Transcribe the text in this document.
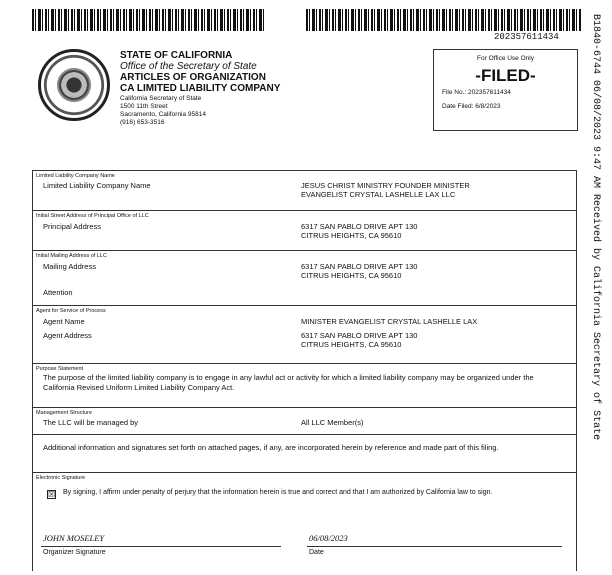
202357611434
STATE OF CALIFORNIA
Office of the Secretary of State
ARTICLES OF ORGANIZATION
CA LIMITED LIABILITY COMPANY
California Secretary of State
1500 11th Street
Sacramento, California 95814
(916) 653-3516
For Office Use Only
-FILED-
File No.: 202357611434
Date Filed: 6/8/2023	B1840-6744 06/08/2023 9:47 AM Received by California Secretary of State
Limited Liability Company Name
Limited Liability Company Name	JESUS CHRIST MINISTRY FOUNDER MINISTER
EVANGELIST CRYSTAL LASHELLE LAX LLC
Initial Street Address of Principal Office of LLC
Principal Address	6317 SAN PABLO DRIVE APT 130
CITRUS HEIGHTS, CA 95610
Initial Mailing Address of LLC
Mailing Address	6317 SAN PABLO DRIVE APT 130
CITRUS HEIGHTS, CA 95610
Attention
Agent for Service of Process
Agent Name	MINISTER EVANGELIST CRYSTAL LASHELLE LAX
Agent Address	6317 SAN PABLO DRIVE APT 130
CITRUS HEIGHTS, CA 95610
Purpose Statement
The purpose of the limited liability company is to engage in any lawful act or activity for which a limited liability company may be organized under the California Revised Uniform Limited Liability Company Act.
Management Structure
The LLC will be managed by	All LLC Member(s)
Additional information and signatures set forth on attached pages, if any, are incorporated herein by reference and made part of this filing.
Electronic Signature
☒	By signing, I affirm under penalty of perjury that the information herein is true and correct and that I am authorized by California law to sign.
JOHN MOSELEY
Organizer Signature
06/08/2023
Date
